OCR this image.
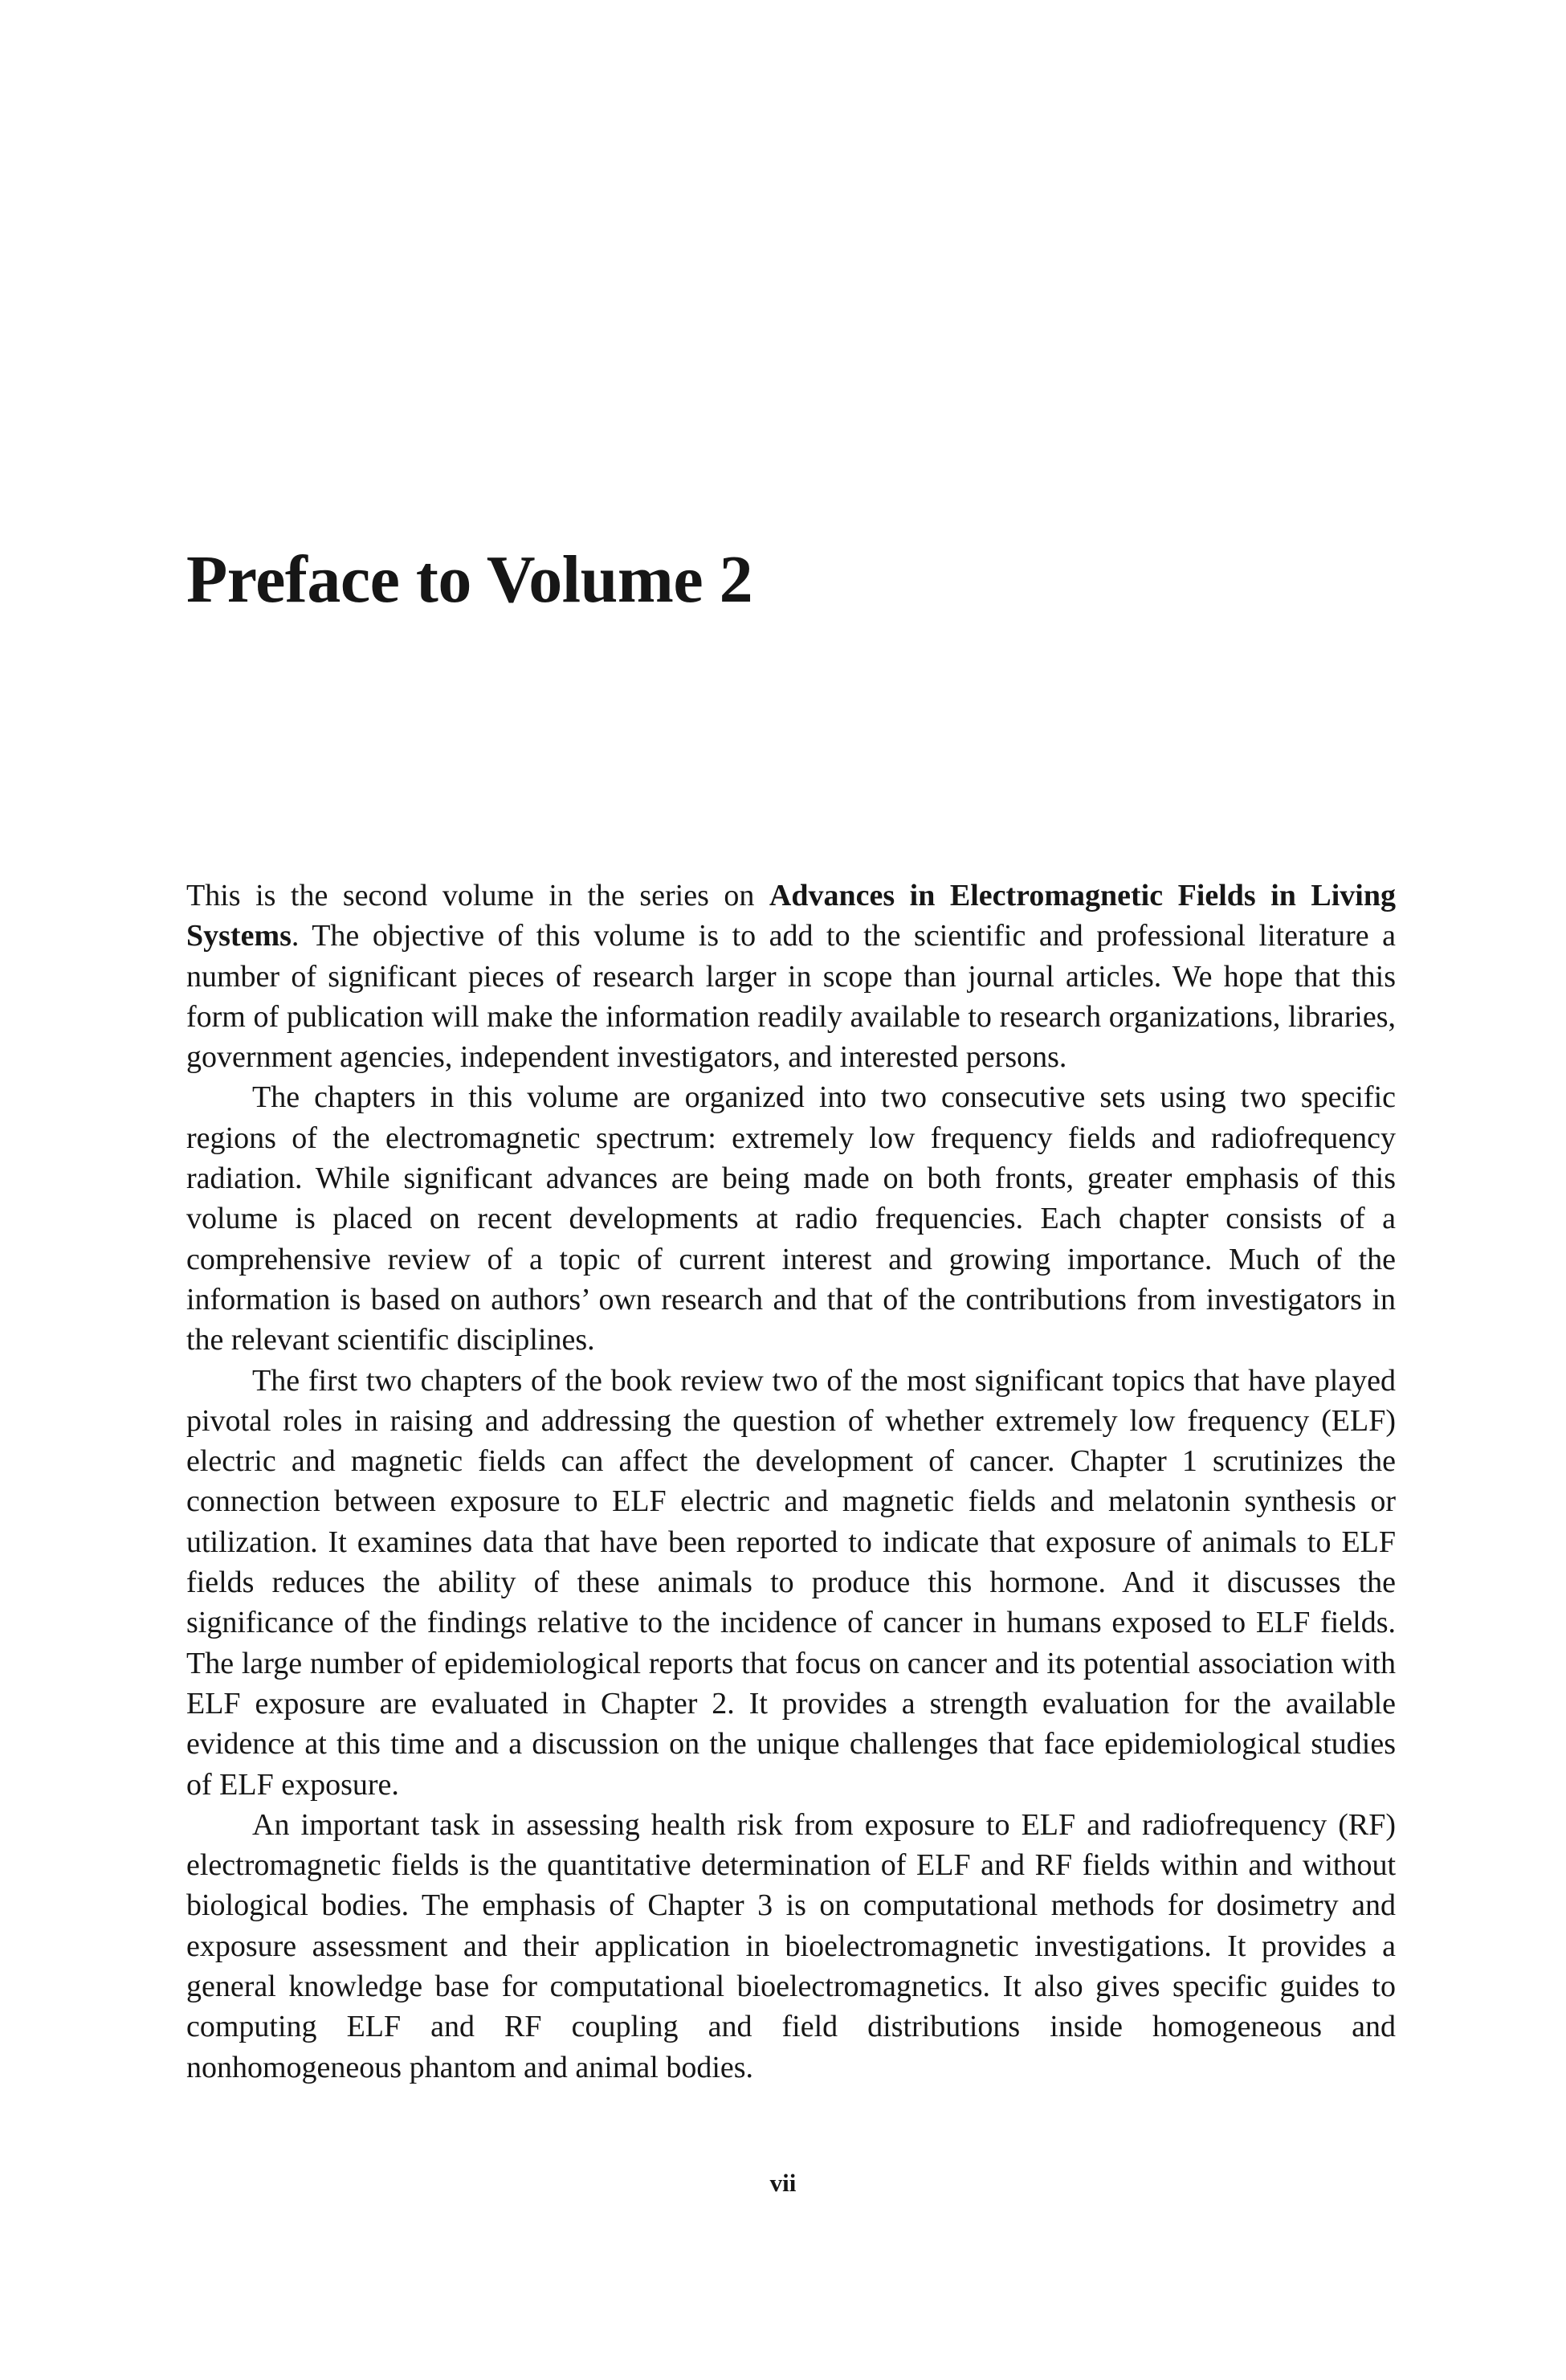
Preface to Volume 2

This is the second volume in the series on Advances in Electromagnetic Fields in Living Systems. The objective of this volume is to add to the scientific and professional literature a number of significant pieces of research larger in scope than journal articles. We hope that this form of publication will make the information readily available to research organizations, libraries, government agencies, independent investigators, and interested persons.

The chapters in this volume are organized into two consecutive sets using two specific regions of the electromagnetic spectrum: extremely low frequency fields and radiofrequency radiation. While significant advances are being made on both fronts, greater emphasis of this volume is placed on recent developments at radio frequencies. Each chapter consists of a comprehensive review of a topic of current interest and growing importance. Much of the information is based on authors’ own research and that of the contributions from investigators in the relevant scientific disciplines.

The first two chapters of the book review two of the most significant topics that have played pivotal roles in raising and addressing the question of whether extremely low frequency (ELF) electric and magnetic fields can affect the development of cancer. Chapter 1 scrutinizes the connection between exposure to ELF electric and magnetic fields and melatonin synthesis or utilization. It examines data that have been reported to indicate that exposure of animals to ELF fields reduces the ability of these animals to produce this hormone. And it discusses the significance of the findings relative to the incidence of cancer in humans exposed to ELF fields. The large number of epidemiological reports that focus on cancer and its potential association with ELF exposure are evaluated in Chapter 2. It provides a strength evaluation for the available evidence at this time and a discussion on the unique challenges that face epidemiological studies of ELF exposure.

An important task in assessing health risk from exposure to ELF and radiofrequency (RF) electromagnetic fields is the quantitative determination of ELF and RF fields within and without biological bodies. The emphasis of Chapter 3 is on computational methods for dosimetry and exposure assessment and their application in bioelectromagnetic investigations. It provides a general knowledge base for computational bioelectromagnetics. It also gives specific guides to computing ELF and RF coupling and field distributions inside homogeneous and nonhomogeneous phantom and animal bodies.

vii
